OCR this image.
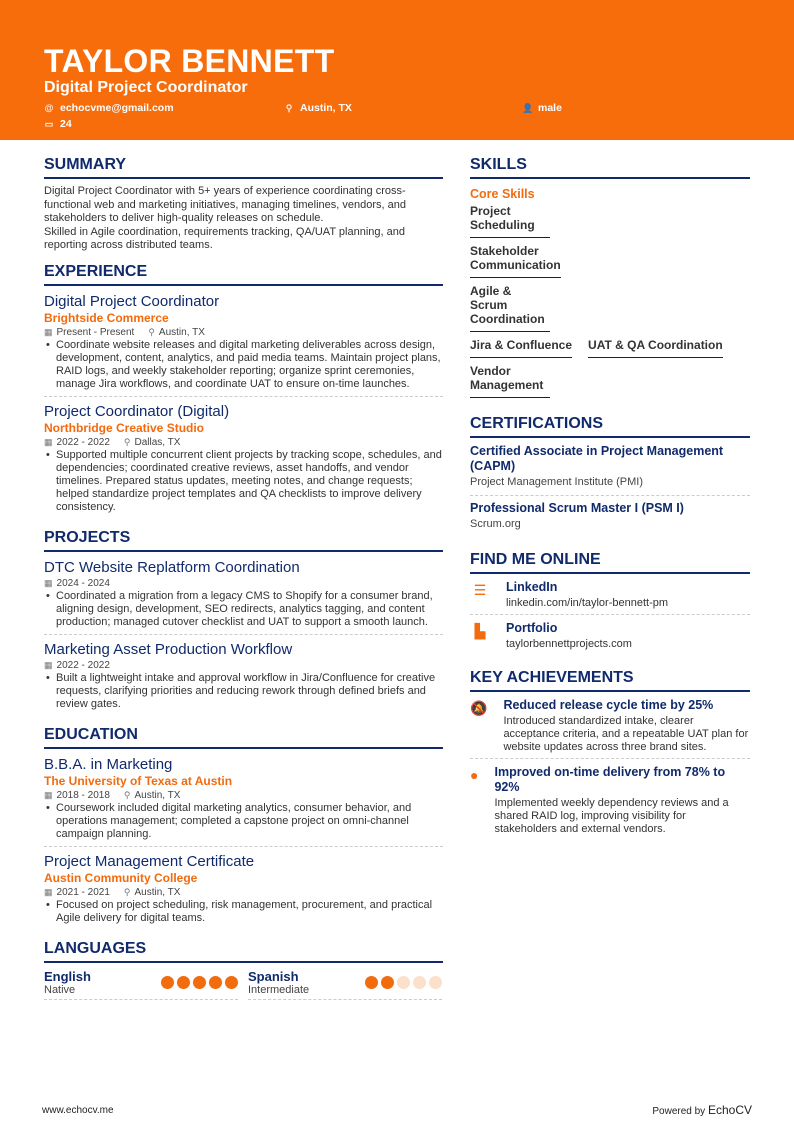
TAYLOR BENNETT
Digital Project Coordinator
@ echocvme@gmail.com	⚲ Austin, TX	👤 male
▭ 24
SUMMARY

Digital Project Coordinator with 5+ years of experience coordinating cross-functional web and marketing initiatives, managing timelines, vendors, and stakeholders to deliver high-quality releases on schedule.

Skilled in Agile coordination, requirements tracking, QA/UAT planning, and reporting across distributed teams.

EXPERIENCE
Digital Project Coordinator
Brightside Commerce
▦ Present - Present ⚲ Austin, TX
• Coordinate website releases and digital marketing deliverables across design, development, content, analytics, and paid media teams. Maintain project plans, RAID logs, and weekly stakeholder reporting; organize sprint ceremonies, manage Jira workflows, and coordinate UAT to ensure on-time launches.
Project Coordinator (Digital)
Northbridge Creative Studio
▦ 2022 - 2022 ⚲ Dallas, TX
• Supported multiple concurrent client projects by tracking scope, schedules, and dependencies; coordinated creative reviews, asset handoffs, and vendor timelines. Prepared status updates, meeting notes, and change requests; helped standardize project templates and QA checklists to improve delivery consistency.
PROJECTS
DTC Website Replatform Coordination
▦ 2024 - 2024
• Coordinated a migration from a legacy CMS to Shopify for a consumer brand, aligning design, development, SEO redirects, analytics tagging, and content production; managed cutover checklist and UAT to support a smooth launch.
Marketing Asset Production Workflow
▦ 2022 - 2022
• Built a lightweight intake and approval workflow in Jira/Confluence for creative requests, clarifying priorities and reducing rework through defined briefs and review gates.
EDUCATION
B.B.A. in Marketing
The University of Texas at Austin
▦ 2018 - 2018 ⚲ Austin, TX
• Coursework included digital marketing analytics, consumer behavior, and operations management; completed a capstone project on omni-channel campaign planning.
Project Management Certificate
Austin Community College
▦ 2021 - 2021 ⚲ Austin, TX
• Focused on project scheduling, risk management, procurement, and practical Agile delivery for digital teams.
LANGUAGES
English
Native
Spanish
Intermediate
SKILLS
Core Skills
Project Scheduling
Stakeholder Communication
Agile & Scrum Coordination
Jira & Confluence UAT & QA Coordination
Vendor Management
CERTIFICATIONS
Certified Associate in Project Management (CAPM)
Project Management Institute (PMI)
Professional Scrum Master I (PSM I)
Scrum.org
FIND ME ONLINE
☰ LinkedIn
linkedin.com/in/taylor-bennett-pm
▙	Portfolio
taylorbennettprojects.com
KEY ACHIEVEMENTS
🔕 Reduced release cycle time by 25%
Introduced standardized intake, clearer acceptance criteria, and a repeatable UAT plan for website updates across three brand sites.
● Improved on-time delivery from 78% to 92%
Implemented weekly dependency reviews and a shared RAID log, improving visibility for stakeholders and external vendors.
www.echocv.me	Powered by EchoCV
